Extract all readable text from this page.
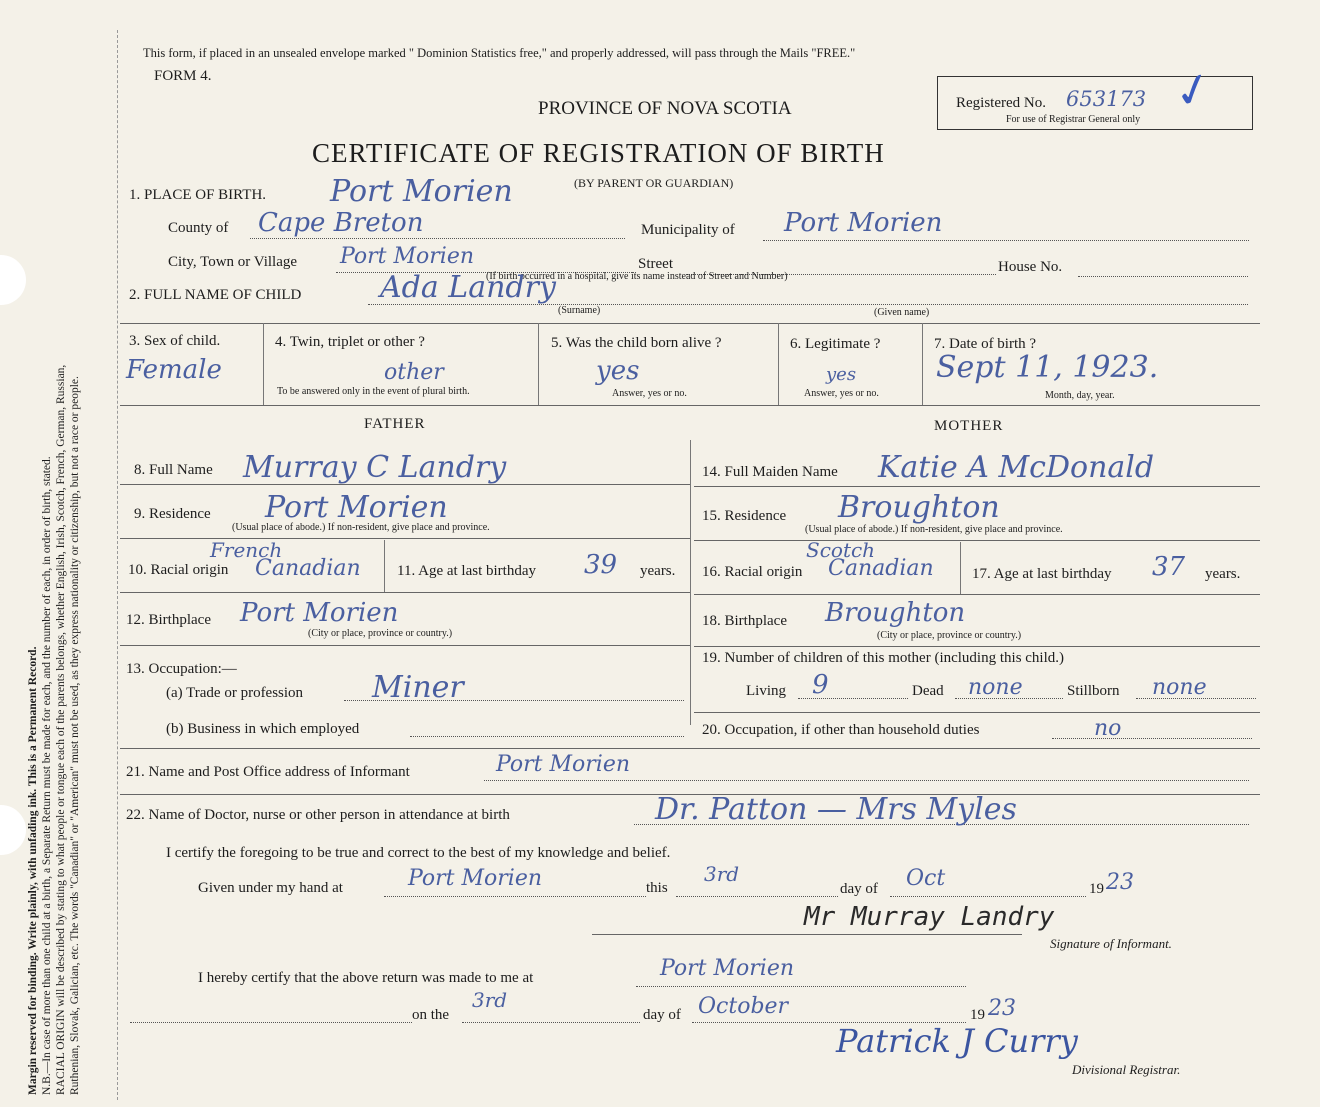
Margin reserved for binding. Write plainly, with unfading ink. This is a Permanent Record. N.B.—In case of more than one child at a birth, a Separate Return must be made for each, and the number of each, in order of birth, stated. RACIAL ORIGIN will be described by stating to what people or tongue each of the parents belongs, whether English, Irish, Scotch, French, German, Russian, Ruthenian, Slovak, Galician, etc. The words "Canadian" or "American" must not be used, as they express nationality or citizenship, but not a race or people.
This form, if placed in an unsealed envelope marked " Dominion Statistics free," and properly addressed, will pass through the Mails "FREE."
FORM 4.
PROVINCE OF NOVA SCOTIA
CERTIFICATE OF REGISTRATION OF BIRTH
(BY PARENT OR GUARDIAN)
Registered No. 653173
For use of Registrar General only ✓
1. PLACE OF BIRTH. Port Morien
County of Cape Breton	Municipality of Port Morien
City, Town or Village Port Morien	Street	House No.
(If birth occurred in a hospital, give its name instead of Street and Number)
2. FULL NAME OF CHILD	Ada Landry
(Surname)	(Given name)
3. Sex of child.
Female
4. Twin, triplet or other ?
other
To be answered only in the event of plural birth.
5. Was the child born alive ?
yes
Answer, yes or no.
6. Legitimate ?
yes
Answer, yes or no.
7. Date of birth ?
Sept 11, 1923.
Month, day, year.
FATHER	MOTHER
8. Full Name Murray C Landry
9. Residence Port Morien
(Usual place of abode.) If non-resident, give place and province.
French
10. Racial origin Canadian 11. Age at last birthday 39 years.
12. Birthplace Port Morien
(City or place, province or country.)
13. Occupation:—
(a) Trade or profession Miner
(b) Business in which employed
14. Full Maiden Name Katie A McDonald
15. Residence Broughton
(Usual place of abode.) If non-resident, give place and province.
Scotch
16. Racial origin Canadian	17. Age at last birthday 37 years.
18. Birthplace Broughton
(City or place, province or country.)
19. Number of children of this mother (including this child.)
Living 9	Dead none	Stillborn none
20. Occupation, if other than household duties	no
21. Name and Post Office address of Informant	Port Morien
22. Name of Doctor, nurse or other person in attendance at birth	Dr. Patton — Mrs Myles
I certify the foregoing to be true and correct to the best of my knowledge and belief.
Given under my hand at	Port Morien	this
3rd
day of Oct	19 23
Mr Murray Landry
Signature of Informant.
I hereby certify that the above return was made to me at	Port Morien
on the
3rd
day of October	19 23
Patrick J Curry
Divisional Registrar.
